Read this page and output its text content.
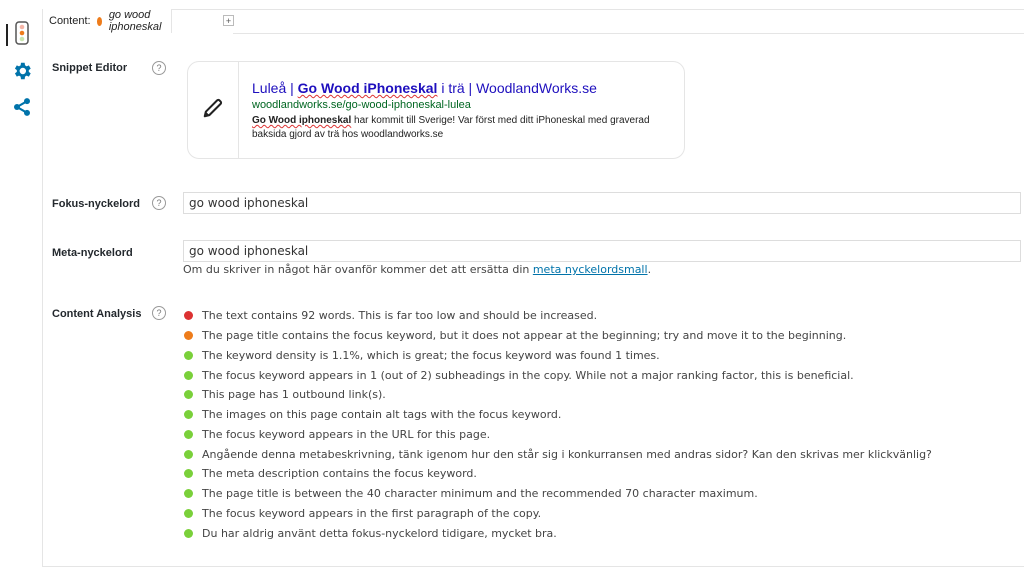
Content: go wood iphoneskal	+
Snippet Editor	?
Luleå | Go Wood iPhoneskal i trä | WoodlandWorks.se
woodlandworks.se/go-wood-iphoneskal-lulea
Go Wood iphoneskal har kommit till Sverige! Var först med ditt iPhoneskal med graverad baksida gjord av trä hos woodlandworks.se
Fokus-nyckelord	?	go wood iphoneskal
Meta-nyckelord	go wood iphoneskal
Om du skriver in något här ovanför kommer det att ersätta din meta nyckelordsmall.
Content Analysis	?	The text contains 92 words. This is far too low and should be increased.
The page title contains the focus keyword, but it does not appear at the beginning; try and move it to the beginning.
The keyword density is 1.1%, which is great; the focus keyword was found 1 times.
The focus keyword appears in 1 (out of 2) subheadings in the copy. While not a major ranking factor, this is beneficial.
This page has 1 outbound link(s).
The images on this page contain alt tags with the focus keyword.
The focus keyword appears in the URL for this page.
Angående denna metabeskrivning, tänk igenom hur den står sig i konkurransen med andras sidor? Kan den skrivas mer klickvänlig?
The meta description contains the focus keyword.
The page title is between the 40 character minimum and the recommended 70 character maximum.
The focus keyword appears in the first paragraph of the copy.
Du har aldrig använt detta fokus-nyckelord tidigare, mycket bra.
